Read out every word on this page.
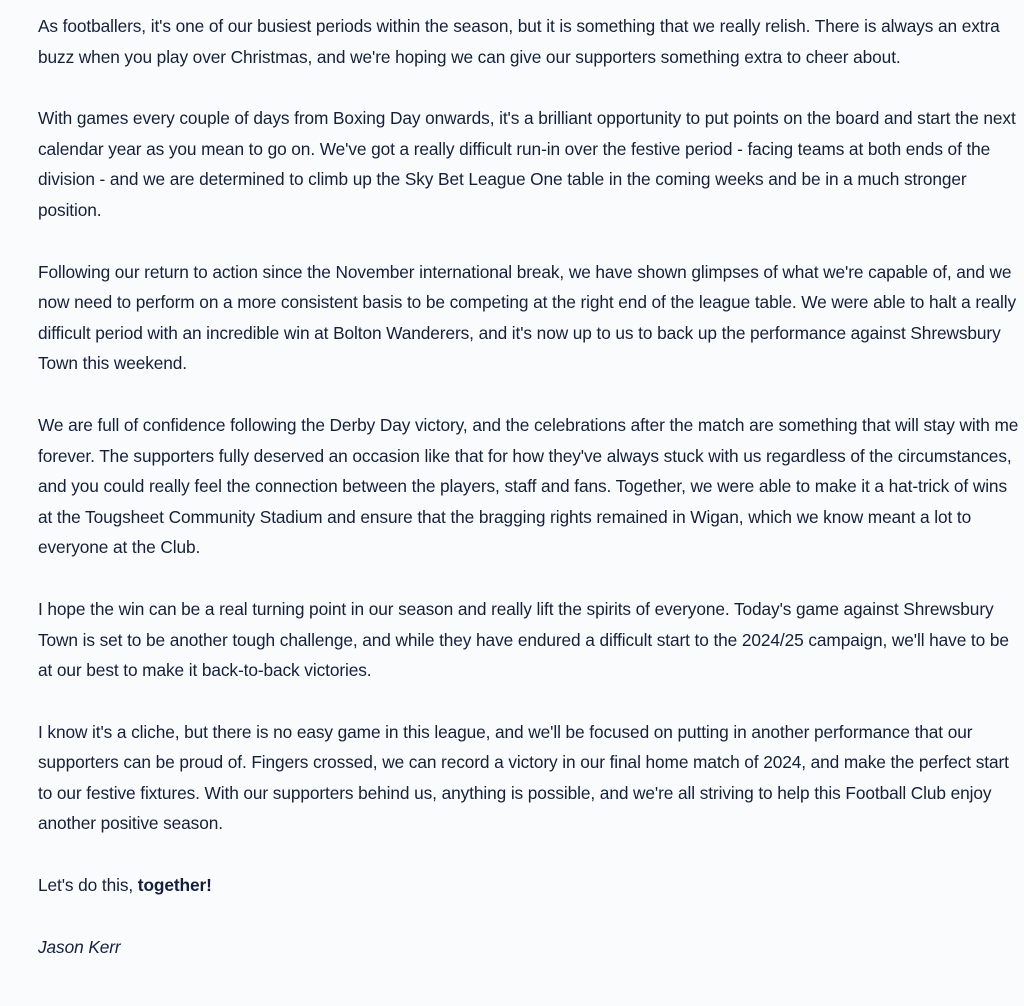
As footballers, it's one of our busiest periods within the season, but it is something that we really relish. There is always an extra buzz when you play over Christmas, and we're hoping we can give our supporters something extra to cheer about.

With games every couple of days from Boxing Day onwards, it's a brilliant opportunity to put points on the board and start the next calendar year as you mean to go on. We've got a really difficult run-in over the festive period - facing teams at both ends of the division - and we are determined to climb up the Sky Bet League One table in the coming weeks and be in a much stronger position.

Following our return to action since the November international break, we have shown glimpses of what we're capable of, and we now need to perform on a more consistent basis to be competing at the right end of the league table. We were able to halt a really difficult period with an incredible win at Bolton Wanderers, and it's now up to us to back up the performance against Shrewsbury Town this weekend.

We are full of confidence following the Derby Day victory, and the celebrations after the match are something that will stay with me forever. The supporters fully deserved an occasion like that for how they've always stuck with us regardless of the circumstances, and you could really feel the connection between the players, staff and fans. Together, we were able to make it a hat-trick of wins at the Tougsheet Community Stadium and ensure that the bragging rights remained in Wigan, which we know meant a lot to everyone at the Club.

I hope the win can be a real turning point in our season and really lift the spirits of everyone. Today's game against Shrewsbury Town is set to be another tough challenge, and while they have endured a difficult start to the 2024/25 campaign, we'll have to be at our best to make it back-to-back victories.

I know it's a cliche, but there is no easy game in this league, and we'll be focused on putting in another performance that our supporters can be proud of. Fingers crossed, we can record a victory in our final home match of 2024, and make the perfect start to our festive fixtures. With our supporters behind us, anything is possible, and we're all striving to help this Football Club enjoy another positive season.

Let's do this, together!

Jason Kerr
